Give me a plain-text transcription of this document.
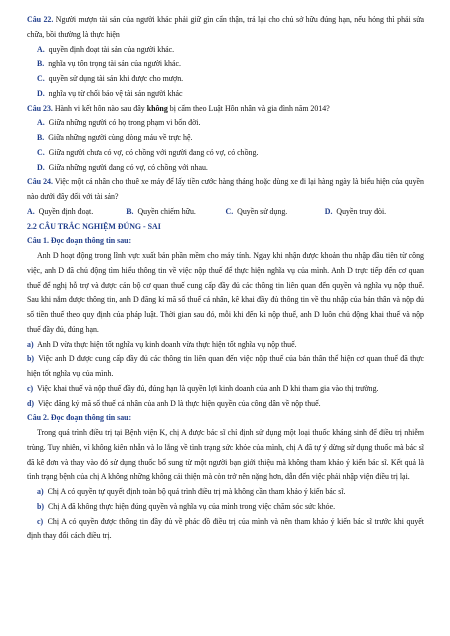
Câu 22. Người mượn tài sản của người khác phải giữ gìn cẩn thận, trả lại cho chủ sở hữu đúng hạn, nếu hỏng thì phải sửa chữa, bồi thường là thực hiện

A. quyền định đoạt tài sản của người khác.

B. nghĩa vụ tôn trọng tài sản của người khác.

C. quyền sử dụng tài sản khi được cho mượn.

D. nghĩa vụ từ chối bảo vệ tài sản người khác

Câu 23. Hành vi kết hôn nào sau đây không bị cấm theo Luật Hôn nhân và gia đình năm 2014?

A. Giữa những người có họ trong phạm vi bốn đời.

B. Giữa những người cùng dòng máu về trực hệ.

C. Giữa người chưa có vợ, có chồng với người đang có vợ, có chồng.

D. Giữa những người đang có vợ, có chồng với nhau.

Câu 24. Việc một cá nhân cho thuê xe máy để lấy tiền cước hàng tháng hoặc dùng xe đi lại hàng ngày là biểu hiện của quyền nào dưới đây đối với tài sản?

A. Quyền định đoạt.	B. Quyền chiếm hữu.	C. Quyền sử dụng.	D. Quyền truy đòi.

2.2 CÂU TRẮC NGHIỆM ĐÚNG - SAI

Câu 1. Đọc đoạn thông tin sau:

Anh D hoạt động trong lĩnh vực xuất bản phần mềm cho máy tính. Ngay khi nhận được khoản thu nhập đầu tiên từ công việc, anh D đã chủ động tìm hiểu thông tin về việc nộp thuế để thực hiện nghĩa vụ của mình. Anh D trực tiếp đến cơ quan thuế để nghị hỗ trợ và được cán bộ cơ quan thuế cung cấp đầy đủ các thông tin liên quan đến quyền và nghĩa vụ nộp thuế. Sau khi nắm được thông tin, anh D đăng kí mã số thuế cá nhân, kê khai đầy đủ thông tin về thu nhập của bản thân và nộp đủ số tiền thuế theo quy định của pháp luật. Thời gian sau đó, mỗi khi đến kì nộp thuế, anh D luôn chủ động khai thuế và nộp thuế đầy đủ, đúng hạn.

a) Anh D vừa thực hiện tốt nghĩa vụ kinh doanh vừa thực hiện tốt nghĩa vụ nộp thuế.

b) Việc anh D được cung cấp đầy đủ các thông tin liên quan đến việc nộp thuế của bản thân thể hiện cơ quan thuế đã thực hiện tốt nghĩa vụ của mình.

c) Việc khai thuế và nộp thuế đầy đủ, đúng hạn là quyền lợi kinh doanh của anh D khi tham gia vào thị trường.

d) Việc đăng ký mã số thuế cá nhân của anh D là thực hiện quyền của công dân về nộp thuế.

Câu 2. Đọc đoạn thông tin sau:

Trong quá trình điều trị tại Bệnh viện K, chị A được bác sĩ chỉ định sử dụng một loại thuốc kháng sinh để điều trị nhiễm trùng. Tuy nhiên, vì không kiên nhẫn và lo lắng về tình trạng sức khỏe của mình, chị A đã tự ý dừng sử dụng thuốc mà bác sĩ đã kê đơn và thay vào đó sử dụng thuốc bổ sung từ một người bạn giới thiệu mà không tham khảo ý kiến bác sĩ. Kết quả là tình trạng bệnh của chị A không những không cải thiện mà còn trở nên nặng hơn, dẫn đến việc phải nhập viện điều trị lại.

a) Chị A có quyền tự quyết định toàn bộ quá trình điều trị mà không cần tham khảo ý kiến bác sĩ.

b) Chị A đã không thực hiện đúng quyền và nghĩa vụ của mình trong việc chăm sóc sức khỏe.

c) Chị A có quyền được thông tin đầy đủ về phác đồ điều trị của mình và nên tham khảo ý kiến bác sĩ trước khi quyết định thay đổi cách điều trị.
